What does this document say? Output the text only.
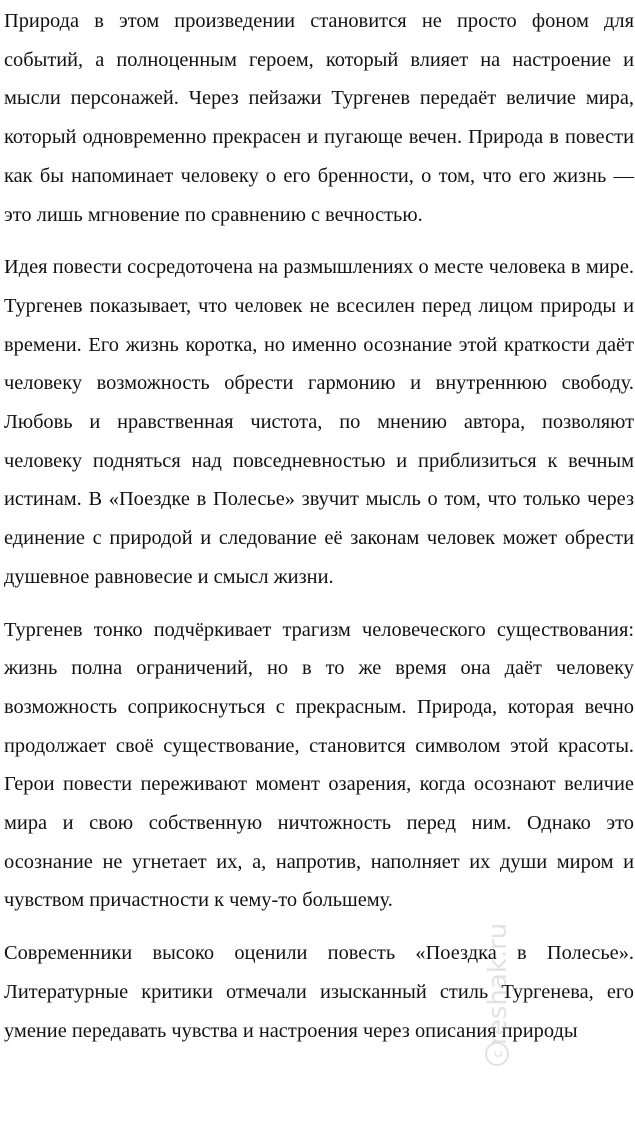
Природа в этом произведении становится не просто фоном для событий, а полноценным героем, который влияет на настроение и мысли персонажей. Через пейзажи Тургенев передаёт величие мира, который одновременно прекрасен и пугающе вечен. Природа в повести как бы напоминает человеку о его бренности, о том, что его жизнь — это лишь мгновение по сравнению с вечностью.

Идея повести сосредоточена на размышлениях о месте человека в мире. Тургенев показывает, что человек не всесилен перед лицом природы и времени. Его жизнь коротка, но именно осознание этой краткости даёт человеку возможность обрести гармонию и внутреннюю свободу. Любовь и нравственная чистота, по мнению автора, позволяют человеку подняться над повседневностью и приблизиться к вечным истинам. В «Поездке в Полесье» звучит мысль о том, что только через единение с природой и следование её законам человек может обрести душевное равновесие и смысл жизни.

Тургенев тонко подчёркивает трагизм человеческого существования: жизнь полна ограничений, но в то же время она даёт человеку возможность соприкоснуться с прекрасным. Природа, которая вечно продолжает своё существование, становится символом этой красоты. Герои повести переживают момент озарения, когда осознают величие мира и свою собственную ничтожность перед ним. Однако это осознание не угнетает их, а, напротив, наполняет их души миром и чувством причастности к чему-то большему.

Современники высоко оценили повесть «Поездка в Полесье». Литературные критики отмечали изысканный стиль Тургенева, его умение передавать чувства и настроения через описания природы

c
reshak.ru
